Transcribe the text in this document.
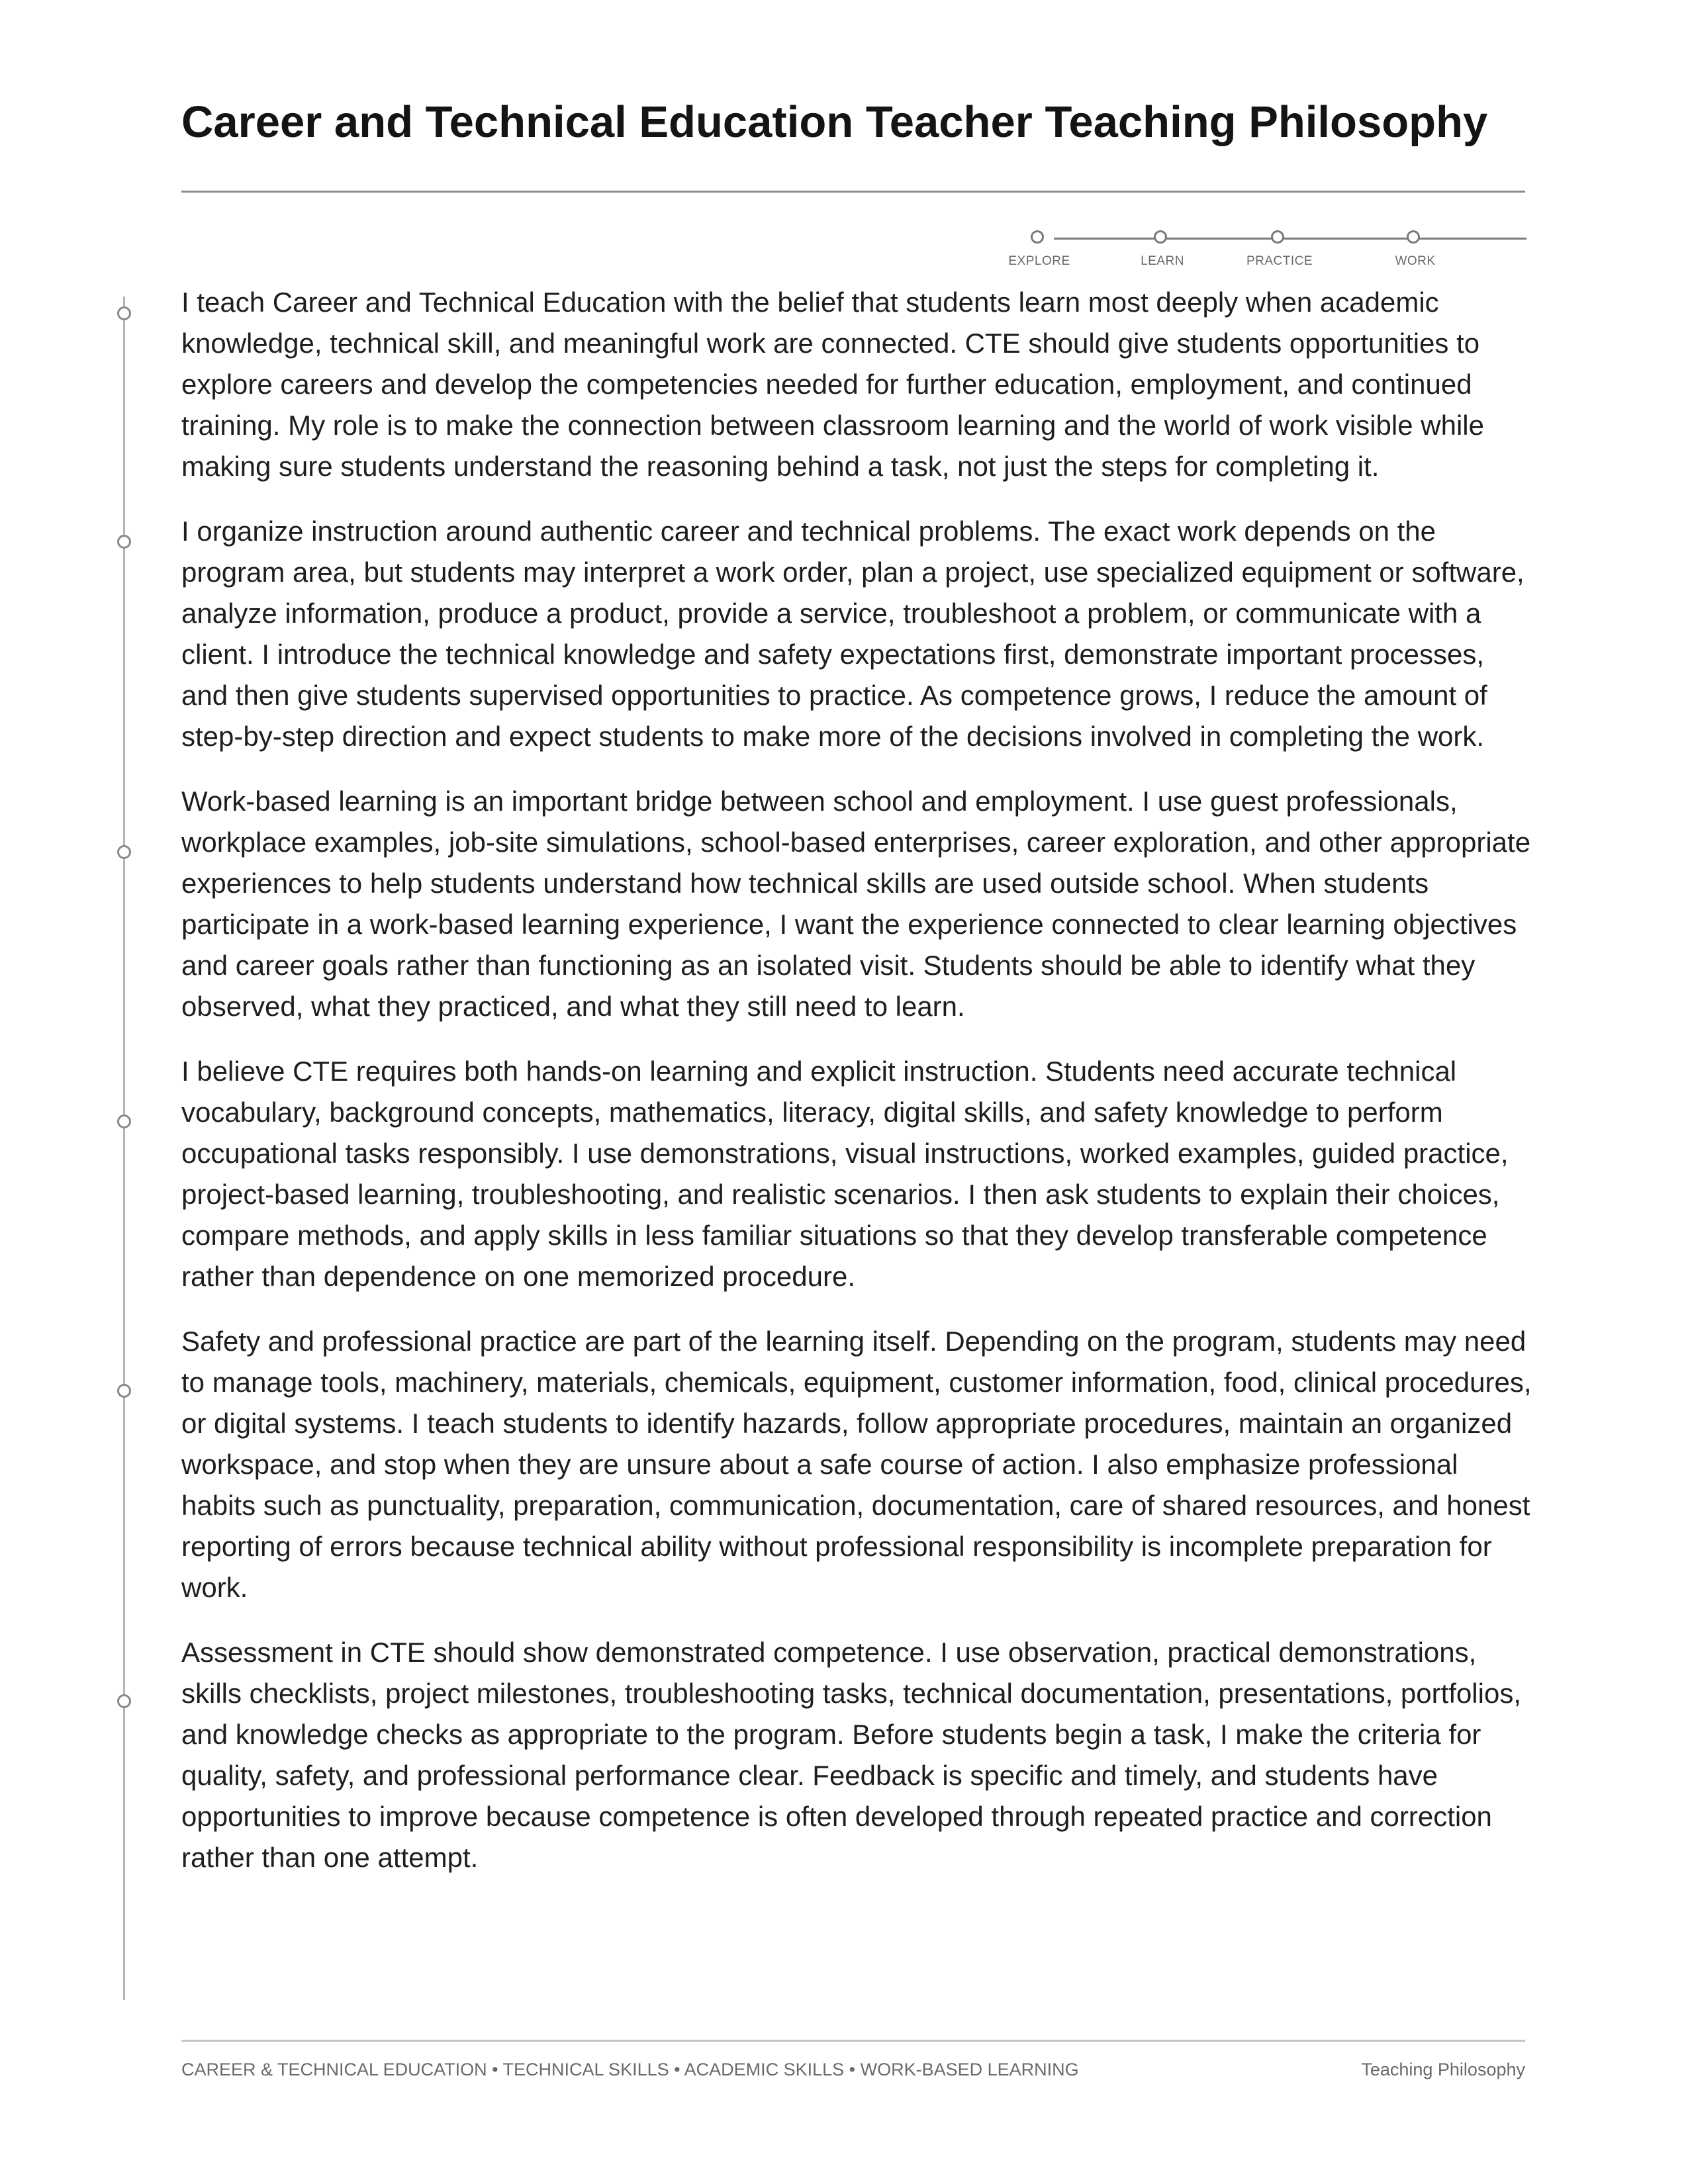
Career and Technical Education Teacher Teaching Philosophy
EXPLORE	LEARN	PRACTICE	WORK

I teach Career and Technical Education with the belief that students learn most deeply when academic knowledge, technical skill, and meaningful work are connected. CTE should give students opportunities to explore careers and develop the competencies needed for further education, employment, and continued training. My role is to make the connection between classroom learning and the world of work visible while making sure students understand the reasoning behind a task, not just the steps for completing it.

I organize instruction around authentic career and technical problems. The exact work depends on the program area, but students may interpret a work order, plan a project, use specialized equipment or software, analyze information, produce a product, provide a service, troubleshoot a problem, or communicate with a client. I introduce the technical knowledge and safety expectations first, demonstrate important processes, and then give students supervised opportunities to practice. As competence grows, I reduce the amount of step-by-step direction and expect students to make more of the decisions involved in completing the work.

Work-based learning is an important bridge between school and employment. I use guest professionals, workplace examples, job-site simulations, school-based enterprises, career exploration, and other appropriate experiences to help students understand how technical skills are used outside school. When students participate in a work-based learning experience, I want the experience connected to clear learning objectives and career goals rather than functioning as an isolated visit. Students should be able to identify what they observed, what they practiced, and what they still need to learn.

I believe CTE requires both hands-on learning and explicit instruction. Students need accurate technical vocabulary, background concepts, mathematics, literacy, digital skills, and safety knowledge to perform occupational tasks responsibly. I use demonstrations, visual instructions, worked examples, guided practice, project-based learning, troubleshooting, and realistic scenarios. I then ask students to explain their choices, compare methods, and apply skills in less familiar situations so that they develop transferable competence rather than dependence on one memorized procedure.

Safety and professional practice are part of the learning itself. Depending on the program, students may need to manage tools, machinery, materials, chemicals, equipment, customer information, food, clinical procedures, or digital systems. I teach students to identify hazards, follow appropriate procedures, maintain an organized workspace, and stop when they are unsure about a safe course of action. I also emphasize professional habits such as punctuality, preparation, communication, documentation, care of shared resources, and honest reporting of errors because technical ability without professional responsibility is incomplete preparation for work.

Assessment in CTE should show demonstrated competence. I use observation, practical demonstrations, skills checklists, project milestones, troubleshooting tasks, technical documentation, presentations, portfolios, and knowledge checks as appropriate to the program. Before students begin a task, I make the criteria for quality, safety, and professional performance clear. Feedback is specific and timely, and students have opportunities to improve because competence is often developed through repeated practice and correction rather than one attempt.

CAREER & TECHNICAL EDUCATION • TECHNICAL SKILLS • ACADEMIC SKILLS • WORK-BASED LEARNING	Teaching Philosophy
